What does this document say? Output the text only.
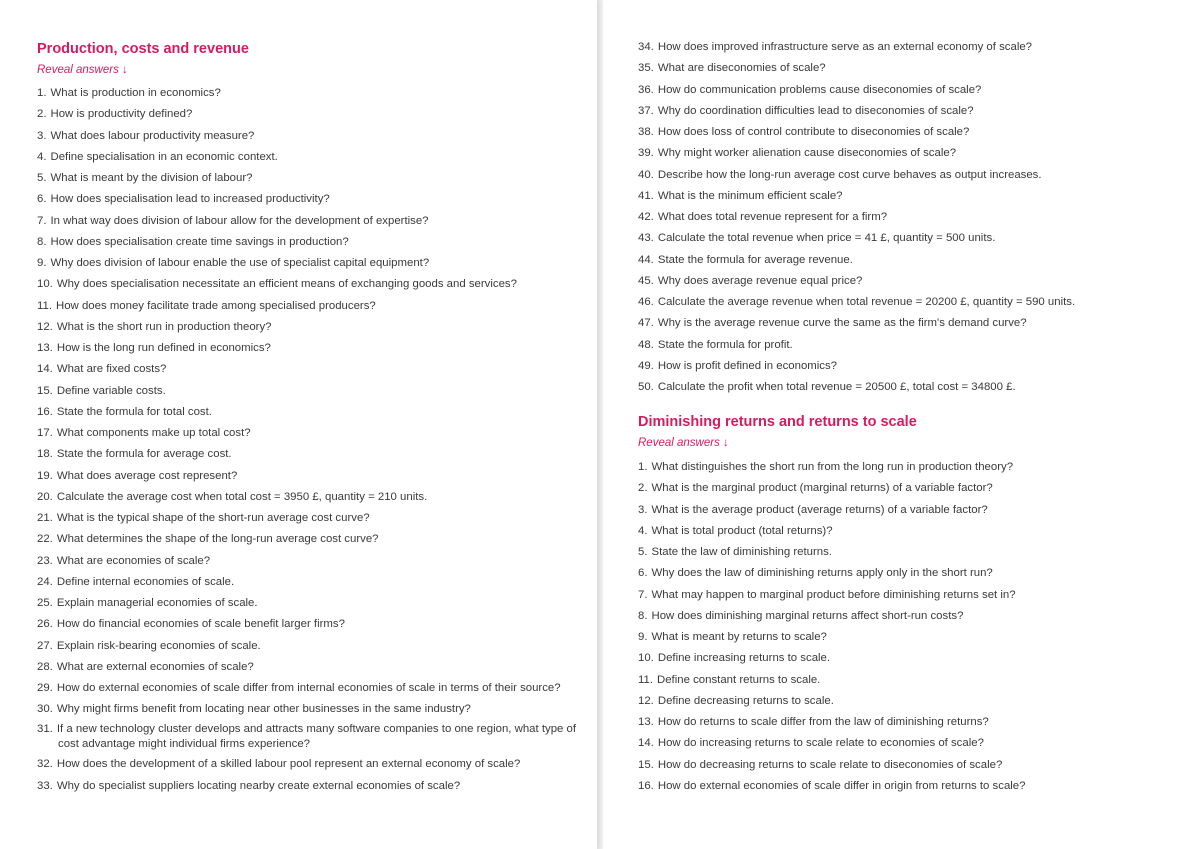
Production, costs and revenue
Reveal answers ↓
1. What is production in economics?
2. How is productivity defined?
3. What does labour productivity measure?
4. Define specialisation in an economic context.
5. What is meant by the division of labour?
6. How does specialisation lead to increased productivity?
7. In what way does division of labour allow for the development of expertise?
8. How does specialisation create time savings in production?
9. Why does division of labour enable the use of specialist capital equipment?
10. Why does specialisation necessitate an efficient means of exchanging goods and services?
11. How does money facilitate trade among specialised producers?
12. What is the short run in production theory?
13. How is the long run defined in economics?
14. What are fixed costs?
15. Define variable costs.
16. State the formula for total cost.
17. What components make up total cost?
18. State the formula for average cost.
19. What does average cost represent?
20. Calculate the average cost when total cost = 3950 £, quantity = 210 units.
21. What is the typical shape of the short-run average cost curve?
22. What determines the shape of the long-run average cost curve?
23. What are economies of scale?
24. Define internal economies of scale.
25. Explain managerial economies of scale.
26. How do financial economies of scale benefit larger firms?
27. Explain risk-bearing economies of scale.
28. What are external economies of scale?
29. How do external economies of scale differ from internal economies of scale in terms of their source?
30. Why might firms benefit from locating near other businesses in the same industry?
31. If a new technology cluster develops and attracts many software companies to one region, what type of cost advantage might individual firms experience?
32. How does the development of a skilled labour pool represent an external economy of scale?
33. Why do specialist suppliers locating nearby create external economies of scale?
34. How does improved infrastructure serve as an external economy of scale?
35. What are diseconomies of scale?
36. How do communication problems cause diseconomies of scale?
37. Why do coordination difficulties lead to diseconomies of scale?
38. How does loss of control contribute to diseconomies of scale?
39. Why might worker alienation cause diseconomies of scale?
40. Describe how the long-run average cost curve behaves as output increases.
41. What is the minimum efficient scale?
42. What does total revenue represent for a firm?
43. Calculate the total revenue when price = 41 £, quantity = 500 units.
44. State the formula for average revenue.
45. Why does average revenue equal price?
46. Calculate the average revenue when total revenue = 20200 £, quantity = 590 units.
47. Why is the average revenue curve the same as the firm's demand curve?
48. State the formula for profit.
49. How is profit defined in economics?
50. Calculate the profit when total revenue = 20500 £, total cost = 34800 £.
Diminishing returns and returns to scale
Reveal answers ↓
1. What distinguishes the short run from the long run in production theory?
2. What is the marginal product (marginal returns) of a variable factor?
3. What is the average product (average returns) of a variable factor?
4. What is total product (total returns)?
5. State the law of diminishing returns.
6. Why does the law of diminishing returns apply only in the short run?
7. What may happen to marginal product before diminishing returns set in?
8. How does diminishing marginal returns affect short-run costs?
9. What is meant by returns to scale?
10. Define increasing returns to scale.
11. Define constant returns to scale.
12. Define decreasing returns to scale.
13. How do returns to scale differ from the law of diminishing returns?
14. How do increasing returns to scale relate to economies of scale?
15. How do decreasing returns to scale relate to diseconomies of scale?
16. How do external economies of scale differ in origin from returns to scale?
